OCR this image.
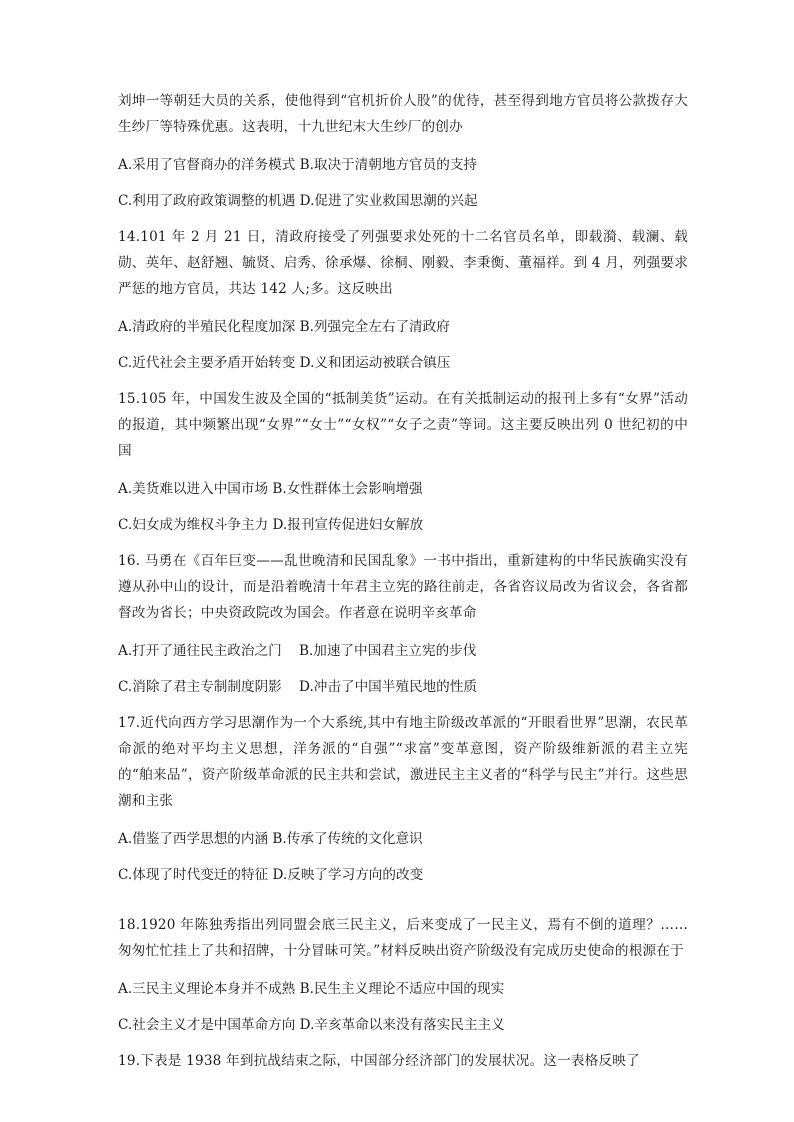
刘坤一等朝廷大员的关系，使他得到“官机折价人股”的优待，甚至得到地方官员将公款拨存大生纱厂等特殊优惠。这表明，十九世纪末大生纱厂的创办

A.采用了官督商办的洋务模式 B.取决于清朝地方官员的支持

C.利用了政府政策调整的机遇 D.促进了实业救国思潮的兴起

14.101 年 2 月 21 日，清政府接受了列强要求处死的十二名官员名单，即载漪、载澜、载勋、英年、赵舒翘、毓贤、启秀、徐承爆、徐桐、刚毅、李秉衡、董福祥。到 4 月，列强要求严惩的地方官员，共达 142 人;多。这反映出

A.清政府的半殖民化程度加深 B.列强完全左右了清政府

C.近代社会主要矛盾开始转变 D.义和团运动被联合镇压

15.105 年，中国发生波及全国的“抵制美货”运动。在有关抵制运动的报刊上多有“女界”活动的报道，其中频繁出现“女界”“女士”“女权”“女子之责”等词。这主要反映出列 0 世纪初的中国

A.美货难以进入中国市场 B.女性群体土会影响增强

C.妇女成为维权斗争主力 D.报刊宣传促进妇女解放

16. 马勇在《百年巨变——乱世晚清和民国乱象》一书中指出，重新建构的中华民族确实没有遵从孙中山的设计，而是沿着晚清十年君主立宪的路往前走，各省咨议局改为省议会，各省都督改为省长；中央资政院改为国会。作者意在说明辛亥革命

A.打开了通往民主政治之门    B.加速了中国君主立宪的步伐

C.消除了君主专制制度阴影    D.冲击了中国半殖民地的性质

17.近代向西方学习思潮作为一个大系统,其中有地主阶级改革派的“开眼看世界”思潮，农民革命派的绝对平均主义思想，洋务派的“自强”“求富”变革意图，资产阶级维新派的君主立宪的“舶来品”，资产阶级革命派的民主共和尝试，激进民主主义者的“科学与民主”并行。这些思潮和主张

A.借鉴了西学思想的内涵 B.传承了传统的文化意识

C.体现了时代变迁的特征 D.反映了学习方向的改变

18.1920 年陈独秀指出列同盟会底三民主义，后来变成了一民主义，焉有不倒的道理？……匆匆忙忙挂上了共和招牌，十分冒昧可笑。”材料反映出资产阶级没有完成历史使命的根源在于

A.三民主义理论本身并不成熟 B.民生主义理论不适应中国的现实

C.社会主义才是中国革命方向 D.辛亥革命以来没有落实民主主义

19.下表是 1938 年到抗战结束之际，中国部分经济部门的发展状况。这一表格反映了
